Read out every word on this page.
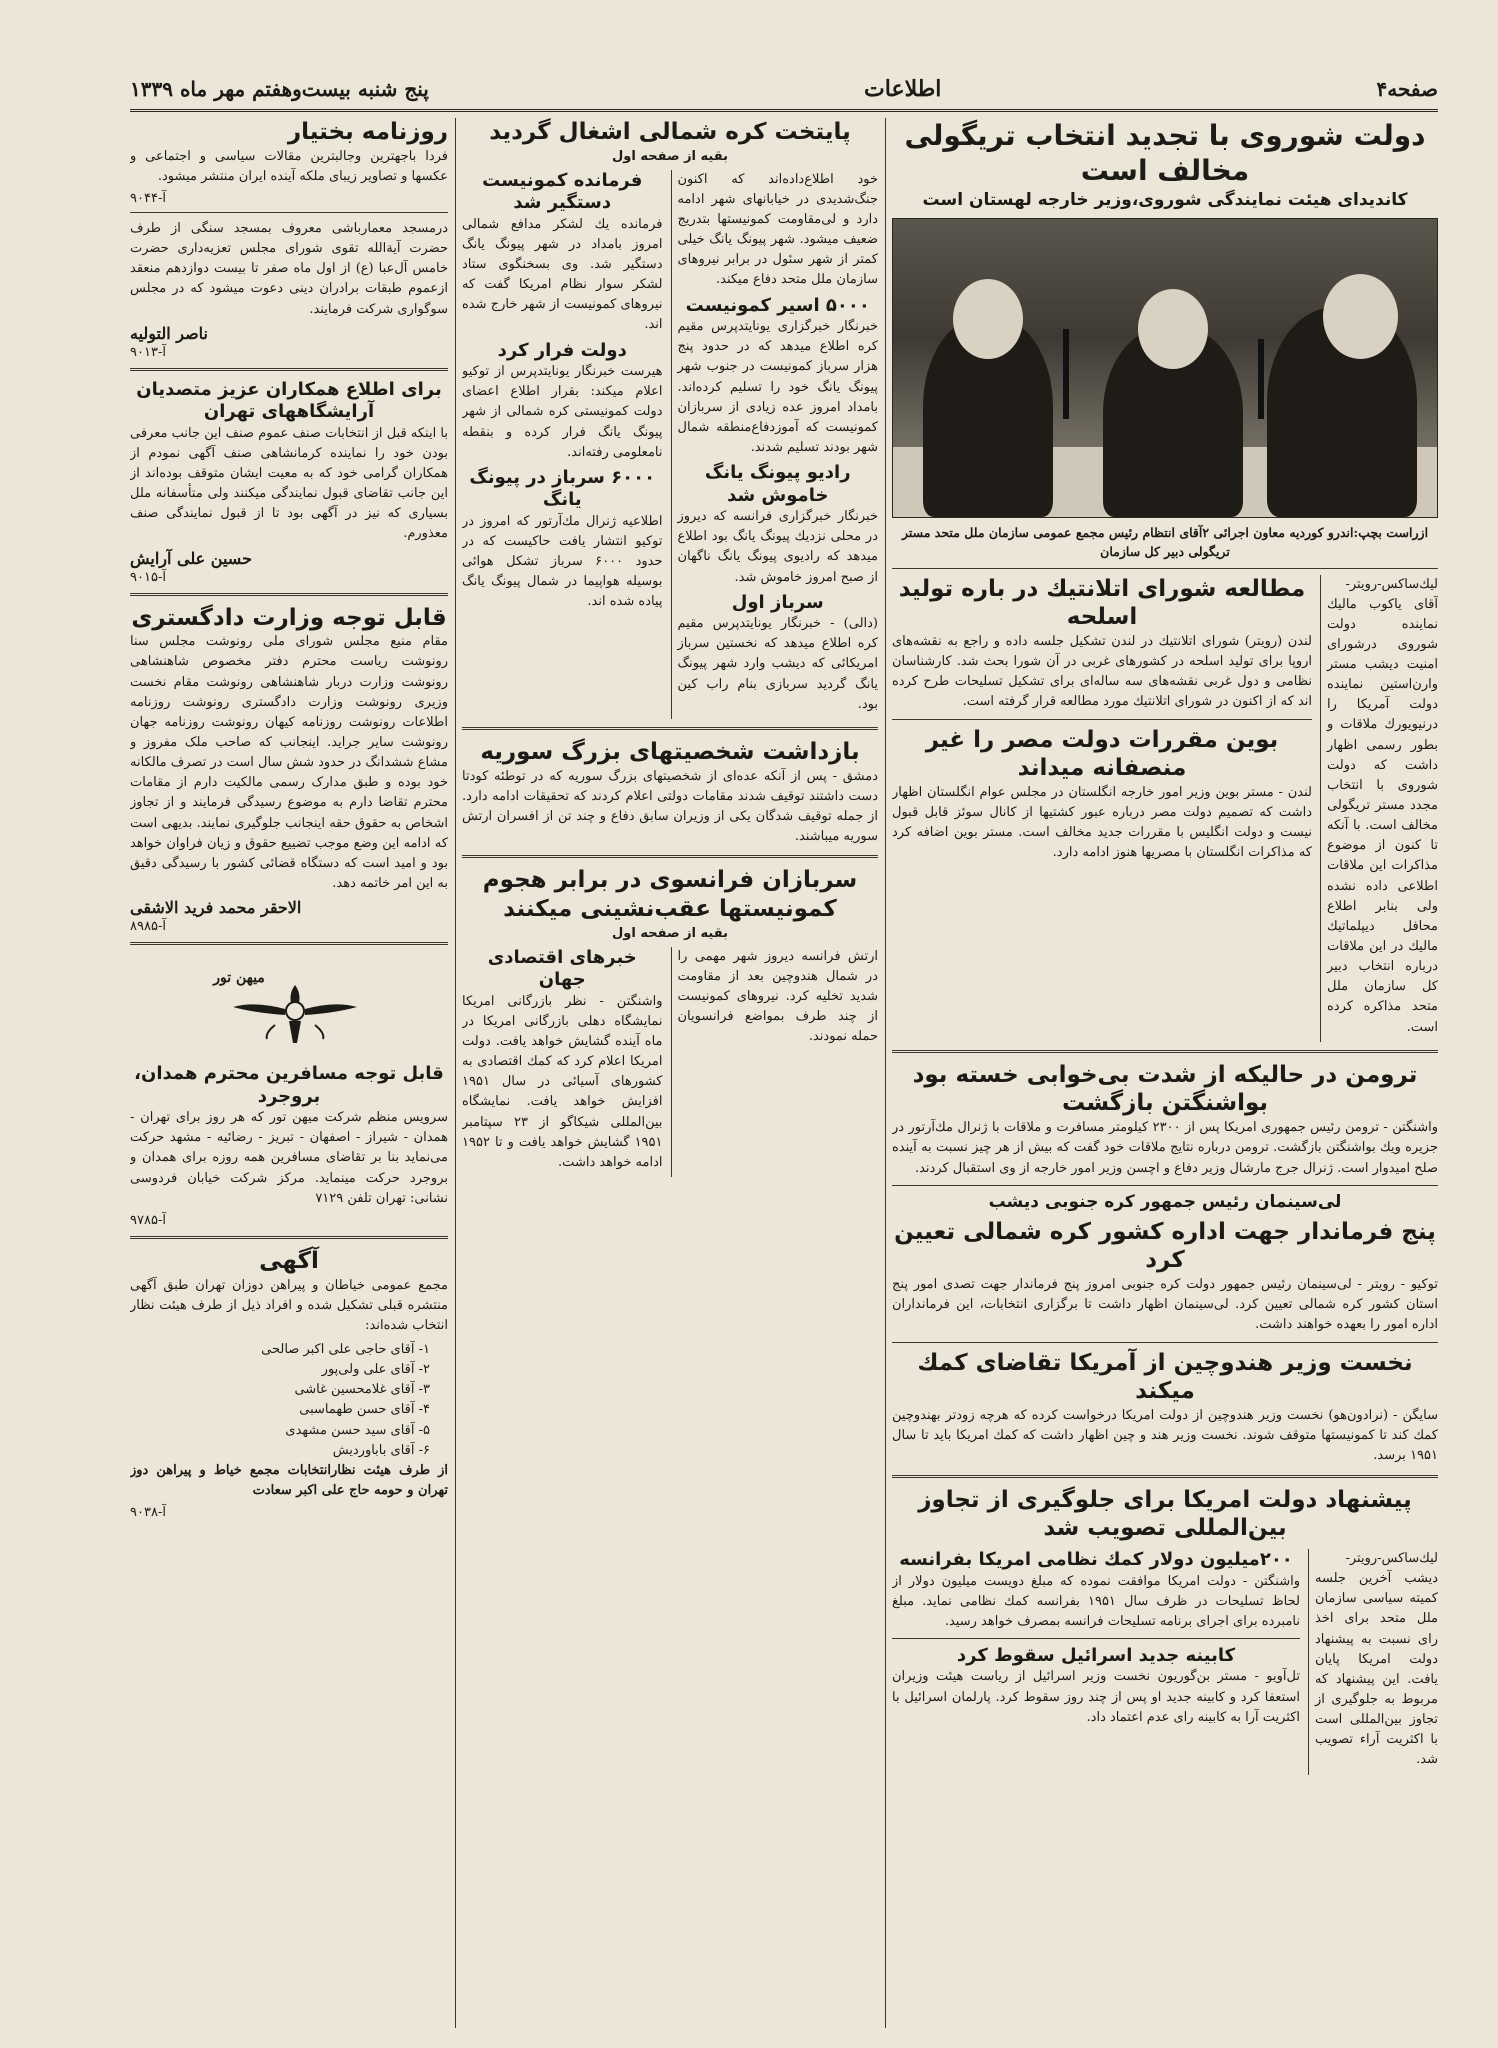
صفحه۴
اطلاعات
پنج شنبه بیست‌وهفتم مهر ماه ۱۳۳۹
دولت شوروی با تجدید انتخاب تریگولی مخالف است
کاندیدای هیئت نمایندگی شوروی،وزیر خارجه لهستان است
ازراست بچپ:اندرو کوردیه معاون اجرائی ۲آقای انتظام رئیس مجمع عمومی سازمان ملل متحد مستر تریگولی دبیر کل سازمان

لیك‌ساكس-رویتر-آقای یاكوب مالیك نماینده دولت شوروی درشورای امنیت دیشب مستر وارن‌استین نماینده دولت آمریكا را درنیویورك ملاقات و بطور رسمی اظهار داشت كه دولت شوروی با انتخاب مجدد مستر تریگولی مخالف است. با آنكه تا كنون از موضوع مذاكرات این ملاقات اطلاعی داده نشده ولی بنابر اطلاع محافل دیپلماتیك مالیك در این ملاقات درباره انتخاب دبیر كل سازمان ملل متحد مذاكره كرده است.

مطالعه شورای اتلانتیك در باره تولید اسلحه

لندن (رویتر) شورای اتلانتیك در لندن تشكیل جلسه داده و راجع به نقشه‌های اروپا برای تولید اسلحه در كشورهای غربی در آن شورا بحث شد. كارشناسان نظامی و دول غربی نقشه‌های سه ساله‌ای برای تشكیل تسلیحات طرح كرده اند كه از اكنون در شورای اتلانتیك مورد مطالعه قرار گرفته است.

بوین مقررات دولت مصر را غیر منصفانه میداند

لندن - مستر بوین وزیر امور خارجه انگلستان در مجلس عوام انگلستان اظهار داشت كه تصمیم دولت مصر درباره عبور كشتیها از كانال سوئز قابل قبول نیست و دولت انگلیس با مقررات جدید مخالف است. مستر بوین اضافه كرد كه مذاكرات انگلستان با مصریها هنوز ادامه دارد.

ترومن در حالیكه از شدت بی‌خوابی خسته بود بواشنگتن بازگشت

واشنگتن - ترومن رئیس جمهوری امریكا پس از ۲۳۰۰ كیلومتر مسافرت و ملاقات با ژنرال مك‌آرتور در جزیره ویك بواشنگتن بازگشت. ترومن درباره نتایج ملاقات خود گفت كه بیش از هر چیز نسبت به آینده صلح امیدوار است. ژنرال جرج مارشال وزیر دفاع و اچسن وزیر امور خارجه از وی استقبال كردند.

لی‌سینمان رئیس جمهور كره جنوبی دیشب
پنج فرماندار جهت اداره كشور كره شمالی تعیین كرد

توكیو - رویتر - لی‌سینمان رئیس جمهور دولت كره جنوبی امروز پنج فرماندار جهت تصدی امور پنج استان كشور كره شمالی تعیین كرد. لی‌سینمان اظهار داشت تا برگزاری انتخابات، این فرمانداران اداره امور را بعهده خواهند داشت.

نخست وزیر هندوچین از آمریكا تقاضای كمك میكند

سایگن - (نرادون‌هو) نخست وزیر هندوچین از دولت امریكا درخواست كرده كه هرچه زودتر بهندوچین كمك كند تا كمونیستها متوقف شوند. نخست وزیر هند و چین اظهار داشت كه كمك امریكا باید تا سال ۱۹۵۱ برسد.

پیشنهاد دولت امریكا برای جلوگیری از تجاوز بین‌المللی تصویب شد

لیك‌ساكس-رویتر-دیشب آخرین جلسه كمیته سیاسی سازمان ملل متحد برای اخذ رای نسبت به پیشنهاد دولت امریكا پایان یافت. این پیشنهاد كه مربوط به جلوگیری از تجاوز بین‌المللی است با اكثریت آراء تصویب شد.

۲۰۰میلیون دولار كمك نظامی امریكا بفرانسه

واشنگتن - دولت امریكا موافقت نموده كه مبلغ دویست میلیون دولار از لحاظ تسلیحات در ظرف سال ۱۹۵۱ بفرانسه كمك نظامی نماید. مبلغ نامبرده برای اجرای برنامه تسلیحات فرانسه بمصرف خواهد رسید.

كابینه جدید اسرائیل سقوط كرد

تل‌آویو - مستر بن‌گوریون نخست وزیر اسرائیل از ریاست هیئت وزیران استعفا كرد و كابینه جدید او پس از چند روز سقوط كرد. پارلمان اسرائیل با اكثریت آرا به كابینه رای عدم اعتماد داد.

پایتخت كره شمالی اشغال گردید
بقیه از صفحه اول

خود اطلاع‌داده‌اند كه اكنون جنگ‌شدیدی در خیابانهای شهر ادامه دارد و لی‌مقاومت كمونیستها بتدریج ضعیف میشود. شهر پیونگ یانگ خیلی كمتر از شهر سئول در برابر نیروهای سازمان ملل متحد دفاع میكند.

۵۰۰۰ اسیر كمونیست

خبرنگار خبرگزاری یونایتدپرس مقیم كره اطلاع میدهد كه در حدود پنج هزار سرباز كمونیست در جنوب شهر پیونگ یانگ خود را تسلیم كرده‌اند. بامداد امروز عده زیادی از سربازان كمونیست كه‌ آموزدفاع‌منطقه شمال شهر بودند تسلیم شدند.

رادیو پیونگ یانگ خاموش شد

خبرنگار خبرگزاری فرانسه كه دیروز در محلی نزدیك پیونگ یانگ بود اطلاع میدهد كه رادیوی پیونگ یانگ ناگهان از صبح امروز خاموش شد.

سرباز اول

(دالی) - خبرنگار یونایتدپرس مقیم كره اطلاع میدهد كه نخستین سرباز امریكائی كه دیشب وارد شهر پیونگ یانگ گردید سربازی بنام راب كین بود.

فرمانده كمونیست دستگیر شد

فرمانده یك لشكر مدافع شمالی امروز بامداد در شهر پیونگ یانگ دستگیر شد. وی بسخنگوی ستاد لشكر سوار نظام امریكا گفت كه نیروهای كمونیست از شهر خارج شده اند.

دولت فرار كرد

هیرست خبرنگار یونایتدپرس از توكیو اعلام میكند: بقرار اطلاع اعضای دولت كمونیستی كره شمالی از شهر پیونگ یانگ فرار كرده و بنقطه نامعلومی رفته‌اند.

۶۰۰۰ سرباز در پیونگ یانگ

اطلاعیه ژنرال مك‌آرتور كه امروز در توكیو انتشار یافت حاكیست كه در حدود ۶۰۰۰ سرباز تشكل هوائی بوسیله هواپیما در شمال پیونگ یانگ پیاده شده اند.

بازداشت شخصیتهای بزرگ سوریه

دمشق - پس از آنكه عده‌ای از شخصیتهای بزرگ سوریه كه در توطئه كودتا دست داشتند توقیف شدند مقامات دولتی اعلام كردند كه تحقیقات ادامه دارد. از جمله توقیف شدگان یكی از وزیران سابق دفاع و چند تن از افسران ارتش سوریه میباشند.

سربازان فرانسوی در برابر هجوم كمونیستها عقب‌نشینی میكنند
بقیه از صفحه اول

ارتش فرانسه دیروز شهر مهمی را در شمال هندوچین بعد از مقاومت شدید تخلیه كرد. نیروهای كمونیست از چند طرف بمواضع فرانسویان حمله نمودند.

خبرهای اقتصادی جهان

واشنگتن - نظر بازرگانی امریكا نمایشگاه دهلی بازرگانی امریكا در ماه آینده گشایش خواهد یافت. دولت امریكا اعلام كرد كه كمك اقتصادی به كشورهای آسیائی در سال ۱۹۵۱ افزایش خواهد یافت. نمایشگاه بین‌المللی شیكاگو از ۲۳ سپتامبر ۱۹۵۱ گشایش خواهد یافت و تا ۱۹۵۲ ادامه خواهد داشت.

روزنامه بختیار

فردا باجهترین وجالبترین مقالات سیاسی و اجتماعی و عکسها و تصاویر زیبای ملکه آینده ایران منتشر میشود.

آ-۹۰۴۴

درمسجد معمارباشی معروف بمسجد سنگی از طرف حضرت آیةالله تقوی شورای مجلس تعزیه‌داری حضرت خامس آل‌عبا (ع) از اول ماه صفر تا بیست دوازدهم منعقد ازعموم طبقات برادران دینی دعوت میشود که در مجلس سوگواری شرکت فرمایند.

ناصر التولیه
آ-۹۰۱۳
برای اطلاع همکاران عزیز متصدیان آرایشگاههای تهران

با اینکه قبل از انتخابات صنف عموم صنف این جانب معرفی بودن خود را نماینده کرمانشاهی صنف آگهی نمودم از همکاران گرامی خود که به معیت ایشان متوقف بوده‌اند از این جانب تقاضای قبول نمایندگی میکنند ولی متأسفانه ملل بسیاری که نیز در آگهی بود تا از قبول نمایندگی صنف معذورم.

حسین علی آرایش
آ-۹۰۱۵
قابل توجه وزارت دادگستری

مقام منیع مجلس شورای ملی رونوشت مجلس سنا رونوشت ریاست محترم دفتر مخصوص شاهنشاهی رونوشت وزارت دربار شاهنشاهی رونوشت مقام نخست وزیری رونوشت وزارت دادگستری رونوشت روزنامه اطلاعات رونوشت روزنامه کیهان رونوشت روزنامه جهان رونوشت سایر جراید. اینجانب که صاحب ملک مفروز و مشاع ششدانگ در حدود شش سال است در تصرف مالکانه خود بوده و طبق مدارک رسمی مالکیت دارم از مقامات محترم تقاضا دارم به موضوع رسیدگی فرمایند و از تجاوز اشخاص به حقوق حقه اینجانب جلوگیری نمایند. بدیهی است که ادامه این وضع موجب تضییع حقوق و زیان فراوان خواهد بود و امید است که دستگاه قضائی کشور با رسیدگی دقیق به این امر خاتمه دهد.

الاحقر محمد فرید الاشقی
آ-۸۹۸۵
میهن تور
قابل توجه مسافرین محترم همدان، بروجرد

سرویس منظم شرکت میهن تور که هر روز برای تهران - همدان - شیراز - اصفهان - تبریز - رضائیه - مشهد حرکت می‌نماید بنا بر تقاضای مسافرین همه روزه برای همدان و بروجرد حرکت مینماید. مرکز شرکت خیابان فردوسی نشانی: تهران تلفن ۷۱۲۹

آ-۹۷۸۵
آگهی

مجمع عمومی خیاطان و پیراهن دوزان تهران طبق آگهی منتشره قبلی تشکیل شده و افراد ذیل از طرف هیئت نظار انتخاب شده‌اند:

۱- آقای حاجی علی اکبر صالحی
۲- آقای علی ولی‌پور
۳- آقای غلامحسین غاشی
۴- آقای حسن طهماسبی
۵- آقای سید حسن مشهدی
۶- آقای باباوردیش

از طرف هیئت نظارانتخابات مجمع خیاط و پیراهن دوز تهران و حومه حاج علی اكبر سعادت

آ-۹۰۳۸
